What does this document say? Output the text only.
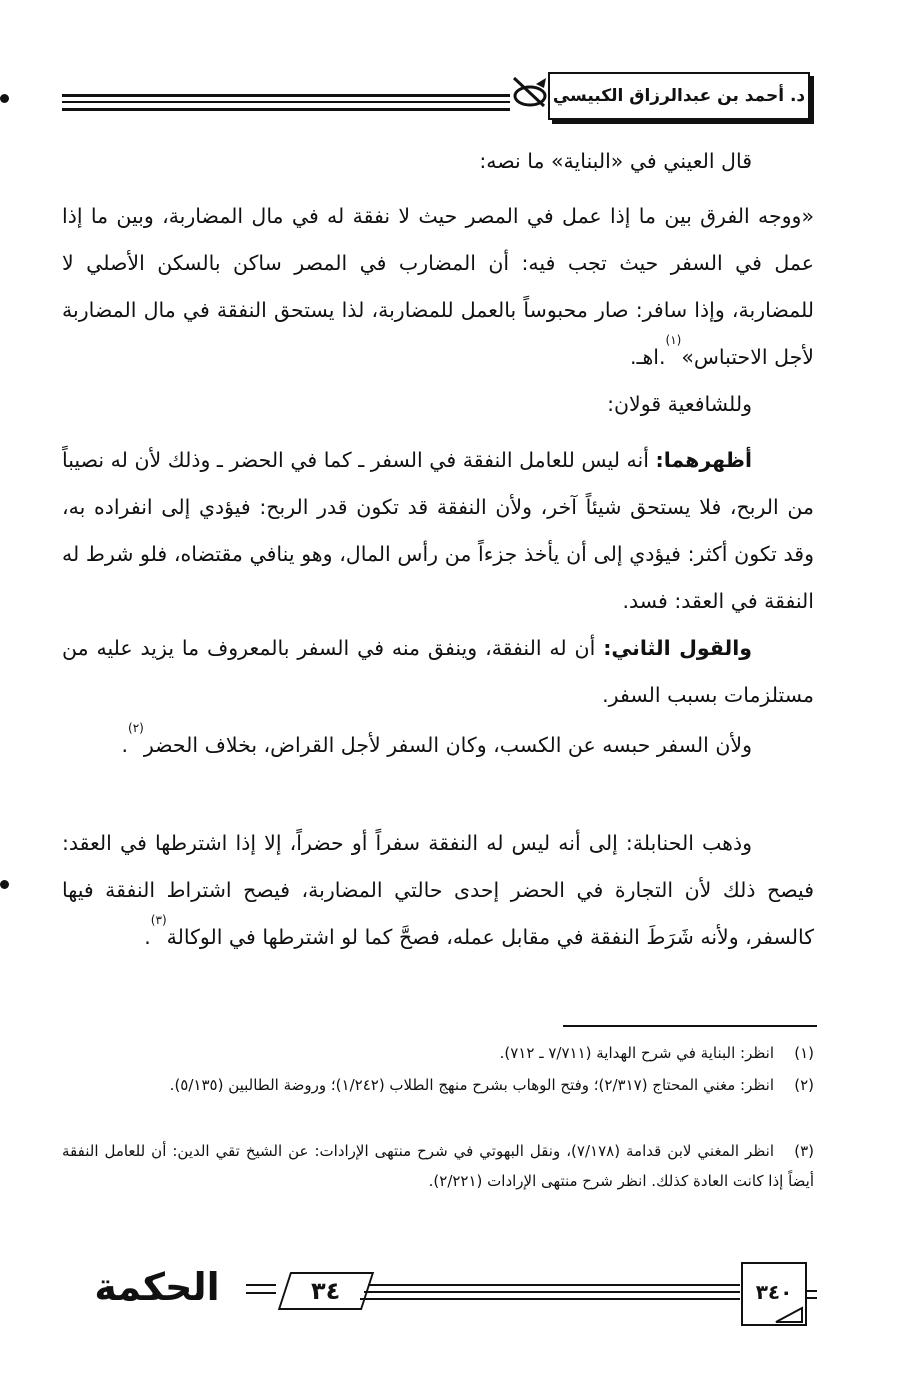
د. أحمد بن عبدالرزاق الكبيسي
قال العيني في «البناية» ما نصه:
«ووجه الفرق بين ما إذا عمل في المصر حيث لا نفقة له في مال المضاربة، وبين ما إذا عمل في السفر حيث تجب فيه: أن المضارب في المصر ساكن بالسكن الأصلي لا للمضاربة، وإذا سافر: صار محبوساً بالعمل للمضاربة، لذا يستحق النفقة في مال المضاربة لأجل الاحتباس»$^{(١)}$.اهـ.
وللشافعية قولان:
أظهرهما: أنه ليس للعامل النفقة في السفر ـ كما في الحضر ـ وذلك لأن له نصيباً من الربح، فلا يستحق شيئاً آخر، ولأن النفقة قد تكون قدر الربح: فيؤدي إلى انفراده به، وقد تكون أكثر: فيؤدي إلى أن يأخذ جزءاً من رأس المال، وهو ينافي مقتضاه، فلو شرط له النفقة في العقد: فسد.
والقول الثاني: أن له النفقة، وينفق منه في السفر بالمعروف ما يزيد عليه من مستلزمات بسبب السفر.
ولأن السفر حبسه عن الكسب، وكان السفر لأجل القراض، بخلاف الحضر$^{(٢)}$.
وذهب الحنابلة: إلى أنه ليس له النفقة سفراً أو حضراً، إلا إذا اشترطها في العقد: فيصح ذلك لأن التجارة في الحضر إحدى حالتي المضاربة، فيصح اشتراط النفقة فيها كالسفر، ولأنه شَرَطَ النفقة في مقابل عمله، فصحَّ كما لو اشترطها في الوكالة$^{(٣)}$.
(١)انظر: البناية في شرح الهداية (٧/٧١١ ـ ٧١٢).
(٢)انظر: مغني المحتاج (٢/٣١٧)؛ وفتح الوهاب بشرح منهج الطلاب (١/٢٤٢)؛ وروضة الطالبين (٥/١٣٥).
(٣)انظر المغني لابن قدامة (٧/١٧٨)، ونقل البهوتي في شرح منتهى الإرادات: عن الشيخ تقي الدين: أن للعامل النفقة أيضاً إذا كانت العادة كذلك. انظر شرح منتهى الإرادات (٢/٢٢١).
الحكمة	٣٤	٣٤٠
